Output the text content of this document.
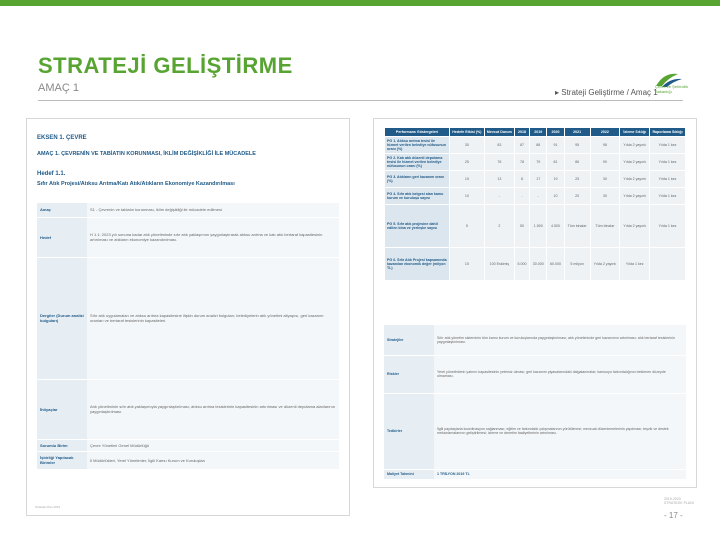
STRATEJİ GELİŞTİRME
AMAÇ 1	▸ Strateji Geliştirme / Amaç 1
Çevre ve Şehircilik Bakanlığı
EKSEN 1. ÇEVRE
AMAÇ 1. ÇEVRENİN VE TABİATIN KORUNMASI, İKLİM DEĞİŞİKLİĞİ İLE MÜCADELE
Hedef 1.1.
Sıfır Atık Projesi/Atıksu Arıtma/Katı Atık/Atıkların Ekonomiye Kazandırılması
Amaç	S1 - Çevrenin ve tabiatın korunması, iklim değişikliği ile mücadele edilmesi
Hedef	H 1.1: 2023 yılı sonuna kadar atık yönetiminde sıfır atık yaklaşımını yaygınlaştırarak atıksu arıtma ve katı atık bertaraf kapasitesinin artırılması ve atıkların ekonomiye kazandırılması.
Dergiler (Durum analizi bulguları)	Sıfır atık uygulamaları ve atıksu arıtma kapasitesine ilişkin durum analizi bulguları; belediyelerin atık yönetimi altyapısı, geri kazanım oranları ve bertaraf tesislerinin kapasiteleri.
İhtiyaçlar	Atık yönetiminin sıfır atık yaklaşımıyla yaygınlaştırılması; atıksu arıtma tesislerinin kapasitesinin artırılması ve düzenli depolama alanlarının yaygınlaştırılması.
Sorumlu Birim	Çevre Yönetimi Genel Müdürlüğü
İşbirliği Yapılacak Birimler	İl Müdürlükleri, Yerel Yönetimler, İlgili Kamu Kurum ve Kuruluşları
Stratejik Plan 2019
Performans Göstergeleri	Hedefe Etkisi (%)	Mevcut Durum	2018	2019	2020	2021	2022	İzleme Sıklığı	Raporlama Sıklığı
PG 1. Atıksu arıtma tesisi ile hizmet verilen belediye nüfusunun oranı (%)	30	83	87	88	91	95	98	Yılda 2 yayınlı	Yılda 1 kez
PG 2. Katı atık düzenli depolama tesisi ile hizmet verilen belediye nüfusunun oranı (%)	25	76	78	79	81	86	90	Yılda 2 yayınlı	Yılda 1 kez
PG 3. Atıkların geri kazanım oranı (%)	15	13	8	17	19	25	30	Yılda 2 yayınlı	Yılda 1 kez
PG 4. Sıfır atık belgesi alan kamu kurum ve kuruluşu sayısı	10	-	-	-	10	20	30	Yılda 2 yayınlı	Yılda 1 kez
PG 5. Sıfır atık projesine dahil edilen bina ve yerleşke sayısı	5	2	50	1.500	4.500	Tüm binalar	Tüm binalar	Yılda 2 yayınlı	Yılda 1 kez
PG 6. Sıfır Atık Projesi kapsamında kazanılan ekonomik değer (milyon TL)	15	100 Eskimiş	5.000	30.000	60.000	5 milyon	Yılda 2 yayınlı	Yılda 1 kez	
Stratejiler	Sıfır atık yönetim sisteminin tüm kamu kurum ve kuruluşlarında yaygınlaştırılması; atık yönetiminde geri kazanımın artırılması; atık bertaraf tesislerinin yaygınlaştırılması.
Riskler	Yerel yönetimlerin yatırım kapasitesinin yetersiz olması; geri kazanım piyasalarındaki dalgalanmalar; kamuoyu farkındalığının beklenen düzeyde olmaması.
Tedbirler	İlgili paydaşlarla koordinasyon sağlanması; eğitim ve farkındalık çalışmalarının yürütülmesi; mevzuat düzenlemelerinin yapılması; teşvik ve destek mekanizmalarının geliştirilmesi; izleme ve denetim faaliyetlerinin artırılması.
Maliyet Tahmini	1 TRİLYON 2019 TL
2019-2023 STRATEJİK PLANI
- 17 -
